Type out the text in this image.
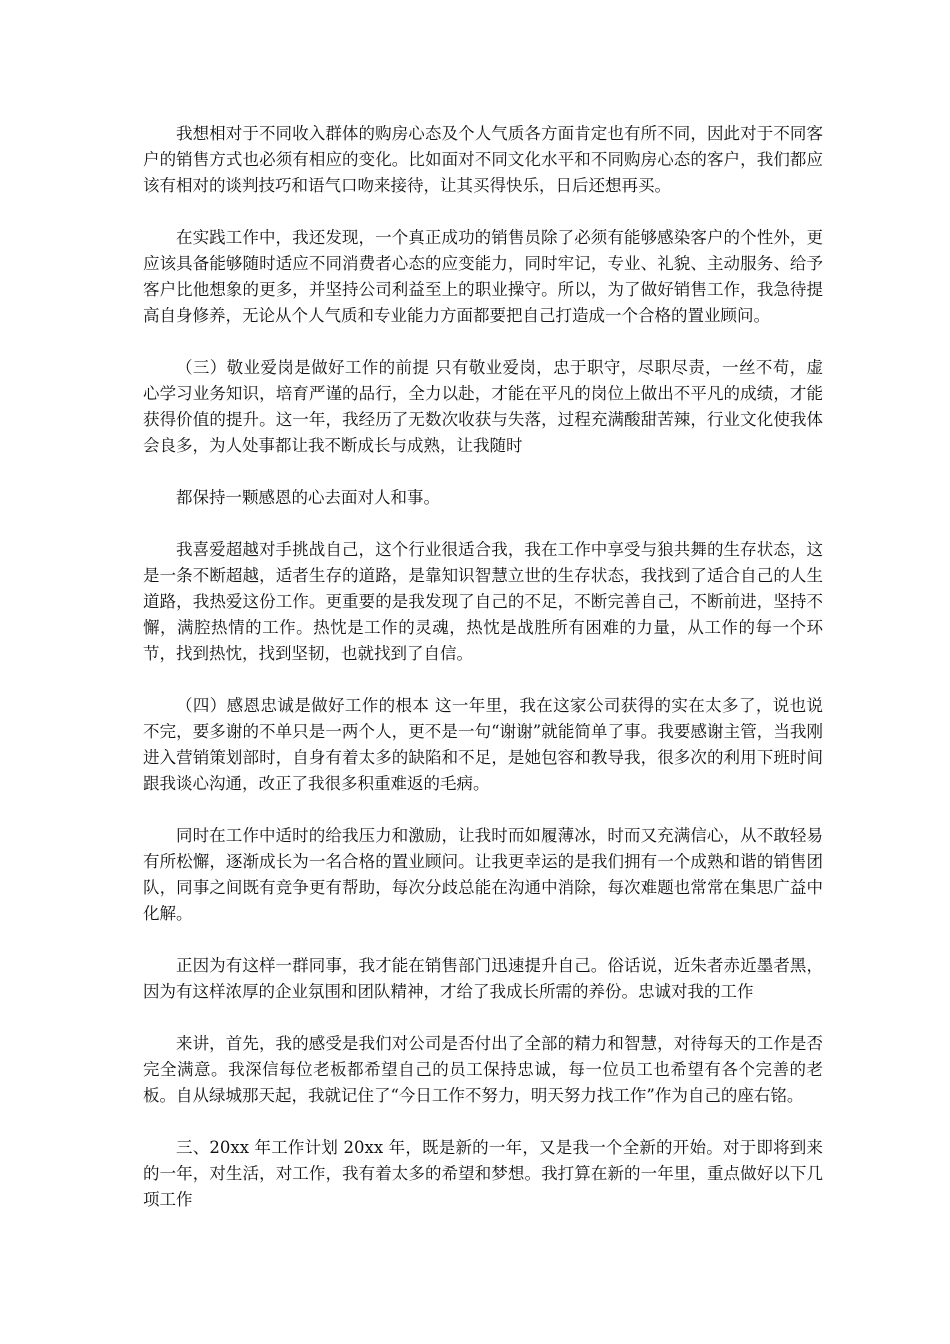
我想相对于不同收入群体的购房心态及个人气质各方面肯定也有所不同，因此对于不同客户的销售方式也必须有相应的变化。比如面对不同文化水平和不同购房心态的客户，我们都应该有相对的谈判技巧和语气口吻来接待，让其买得快乐，日后还想再买。

在实践工作中，我还发现，一个真正成功的销售员除了必须有能够感染客户的个性外，更应该具备能够随时适应不同消费者心态的应变能力，同时牢记，专业、礼貌、主动服务、给予客户比他想象的更多，并坚持公司利益至上的职业操守。所以，为了做好销售工作，我急待提高自身修养，无论从个人气质和专业能力方面都要把自己打造成一个合格的置业顾问。

（三）敬业爱岗是做好工作的前提 只有敬业爱岗，忠于职守，尽职尽责，一丝不苟，虚心学习业务知识，培育严谨的品行，全力以赴，才能在平凡的岗位上做出不平凡的成绩，才能获得价值的提升。这一年，我经历了无数次收获与失落，过程充满酸甜苦辣，行业文化使我体会良多，为人处事都让我不断成长与成熟，让我随时

都保持一颗感恩的心去面对人和事。

我喜爱超越对手挑战自己，这个行业很适合我，我在工作中享受与狼共舞的生存状态，这是一条不断超越，适者生存的道路，是靠知识智慧立世的生存状态，我找到了适合自己的人生道路，我热爱这份工作。更重要的是我发现了自己的不足，不断完善自己，不断前进，坚持不懈，满腔热情的工作。热忱是工作的灵魂，热忱是战胜所有困难的力量，从工作的每一个环节，找到热忱，找到坚韧，也就找到了自信。

（四）感恩忠诚是做好工作的根本 这一年里，我在这家公司获得的实在太多了，说也说不完，要多谢的不单只是一两个人，更不是一句“谢谢”就能简单了事。我要感谢主管，当我刚进入营销策划部时，自身有着太多的缺陷和不足，是她包容和教导我，很多次的利用下班时间跟我谈心沟通，改正了我很多积重难返的毛病。

同时在工作中适时的给我压力和激励，让我时而如履薄冰，时而又充满信心，从不敢轻易有所松懈，逐渐成长为一名合格的置业顾问。让我更幸运的是我们拥有一个成熟和谐的销售团队，同事之间既有竞争更有帮助，每次分歧总能在沟通中消除，每次难题也常常在集思广益中化解。

正因为有这样一群同事，我才能在销售部门迅速提升自己。俗话说，近朱者赤近墨者黑，因为有这样浓厚的企业氛围和团队精神，才给了我成长所需的养份。忠诚对我的工作

来讲，首先，我的感受是我们对公司是否付出了全部的精力和智慧，对待每天的工作是否完全满意。我深信每位老板都希望自己的员工保持忠诚，每一位员工也希望有各个完善的老板。自从绿城那天起，我就记住了“今日工作不努力，明天努力找工作”作为自己的座右铭。

三、20xx 年工作计划 20xx 年，既是新的一年，又是我一个全新的开始。对于即将到来的一年，对生活，对工作，我有着太多的希望和梦想。我打算在新的一年里，重点做好以下几项工作
